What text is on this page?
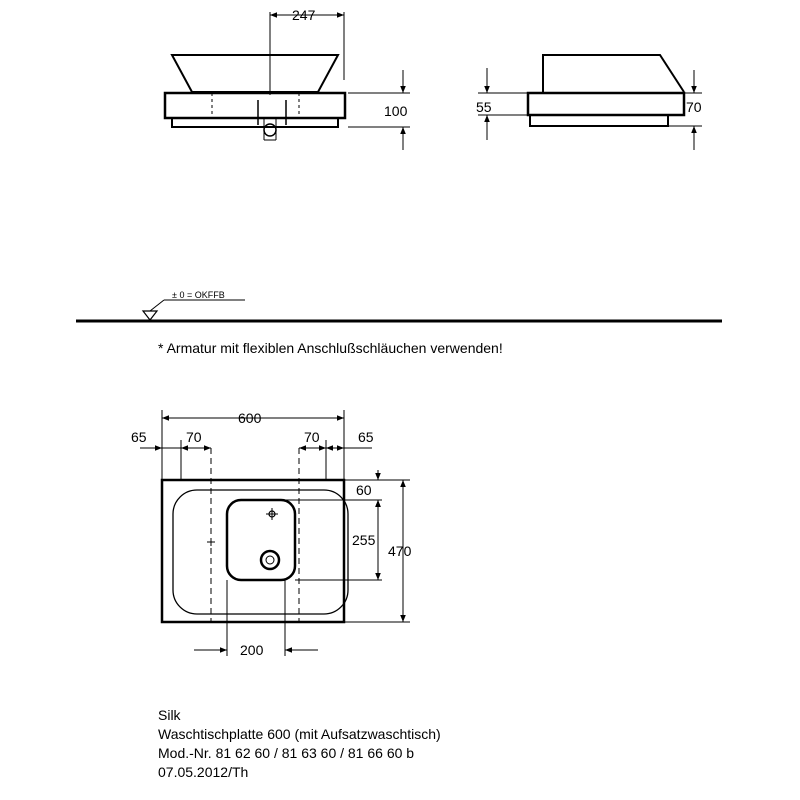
247
100	55	70
± 0 = OKFFB
600
65	70	70	65
60
255
470
200
* Armatur mit flexiblen Anschlußschläuchen verwenden!
Silk
Waschtischplatte 600 (mit Aufsatzwaschtisch)
Mod.-Nr. 81 62 60 / 81 63 60 / 81 66 60 b
07.05.2012/Th
